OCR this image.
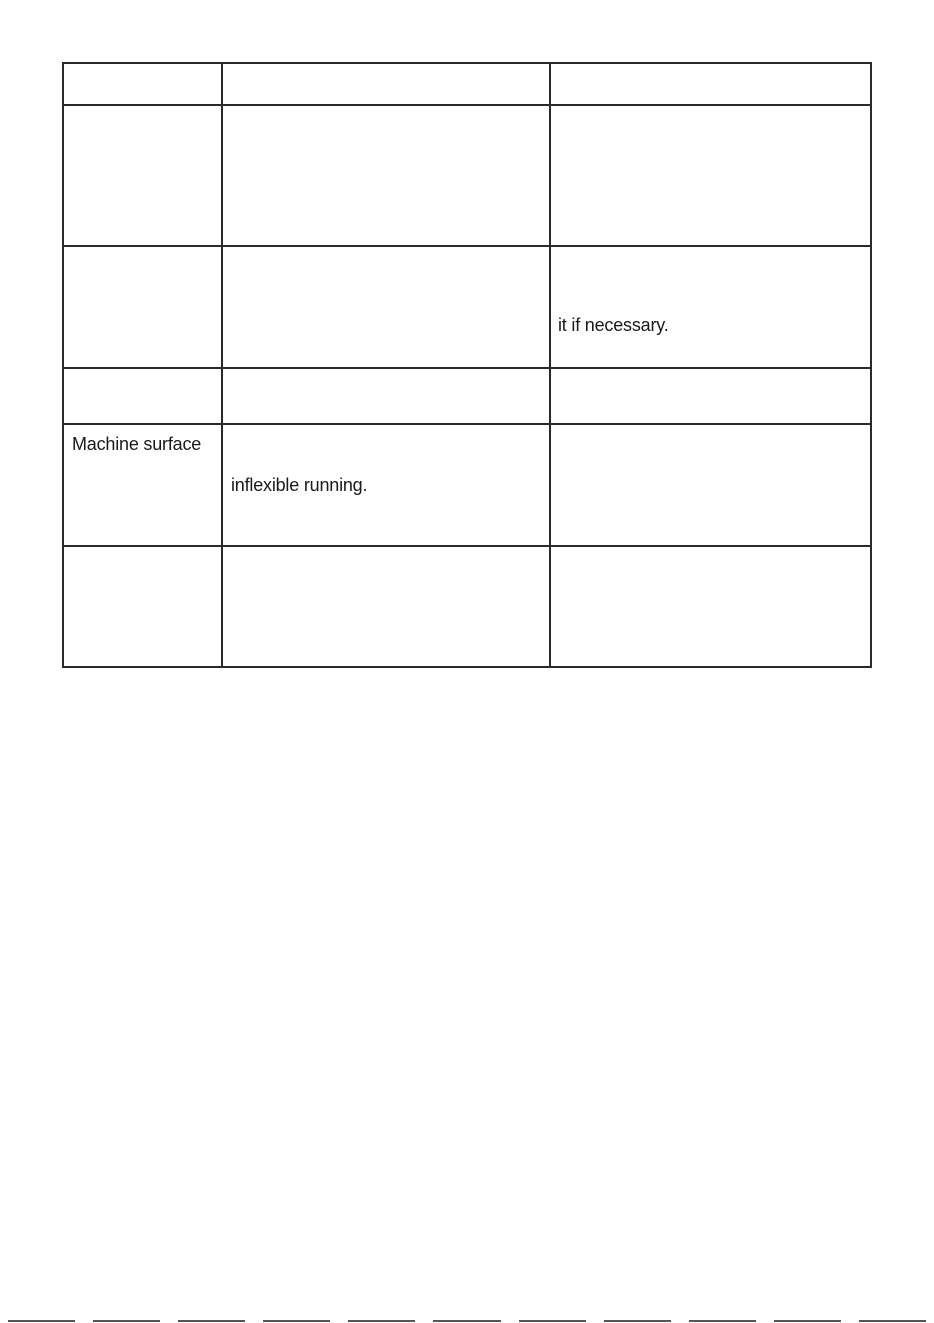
it if necessary.
Machine surface
inflexible running.
